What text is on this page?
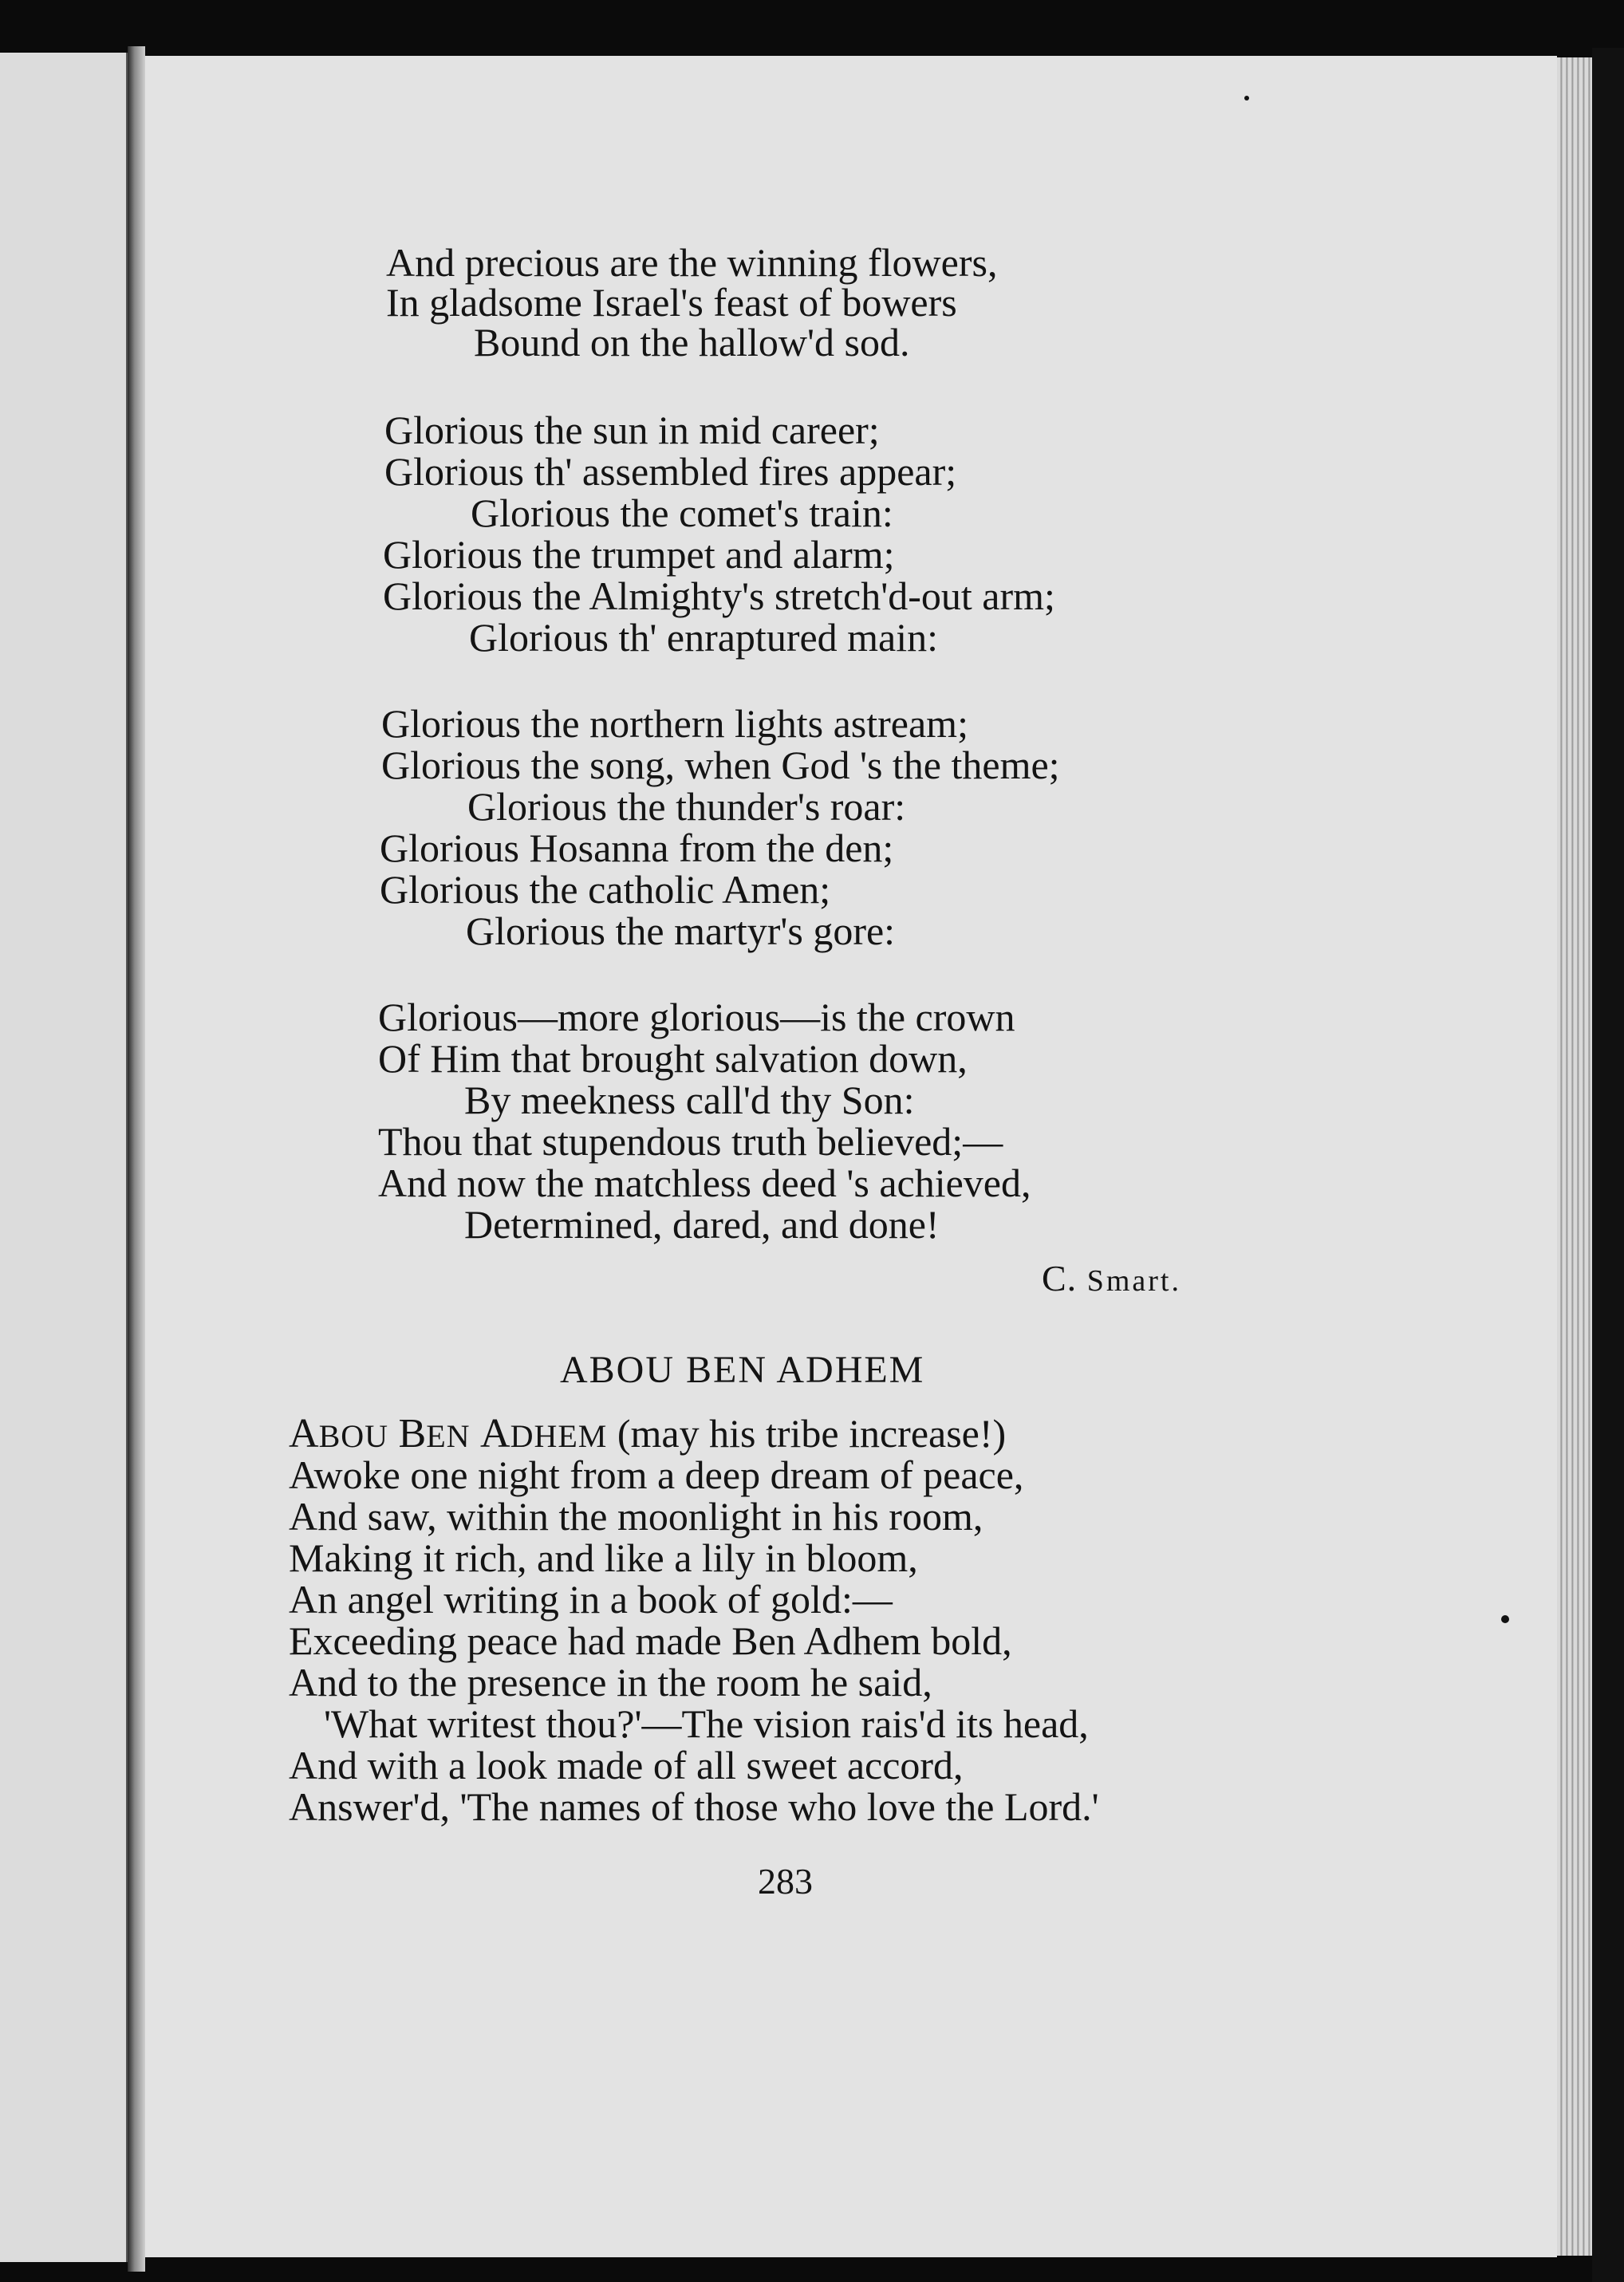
And precious are the winning flowers,
In gladsome Israel's feast of bowers
Bound on the hallow'd sod.
Glorious the sun in mid career;
Glorious th' assembled fires appear;
Glorious the comet's train:
Glorious the trumpet and alarm;
Glorious the Almighty's stretch'd-out arm;
Glorious th' enraptured main:
Glorious the northern lights astream;
Glorious the song, when God 's the theme;
Glorious the thunder's roar:
Glorious Hosanna from the den;
Glorious the catholic Amen;
Glorious the martyr's gore:
Glorious—more glorious—is the crown
Of Him that brought salvation down,
By meekness call'd thy Son:
Thou that stupendous truth believed;—
And now the matchless deed 's achieved,
Determined, dared, and done!
C. Smart.
ABOU BEN ADHEM
ABOU BEN ADHEM (may his tribe increase!)
Awoke one night from a deep dream of peace,
And saw, within the moonlight in his room,
Making it rich, and like a lily in bloom,
An angel writing in a book of gold:—
Exceeding peace had made Ben Adhem bold,
And to the presence in the room he said,
'What writest thou?'—The vision rais'd its head,
And with a look made of all sweet accord,
Answer'd, 'The names of those who love the Lord.'
283
